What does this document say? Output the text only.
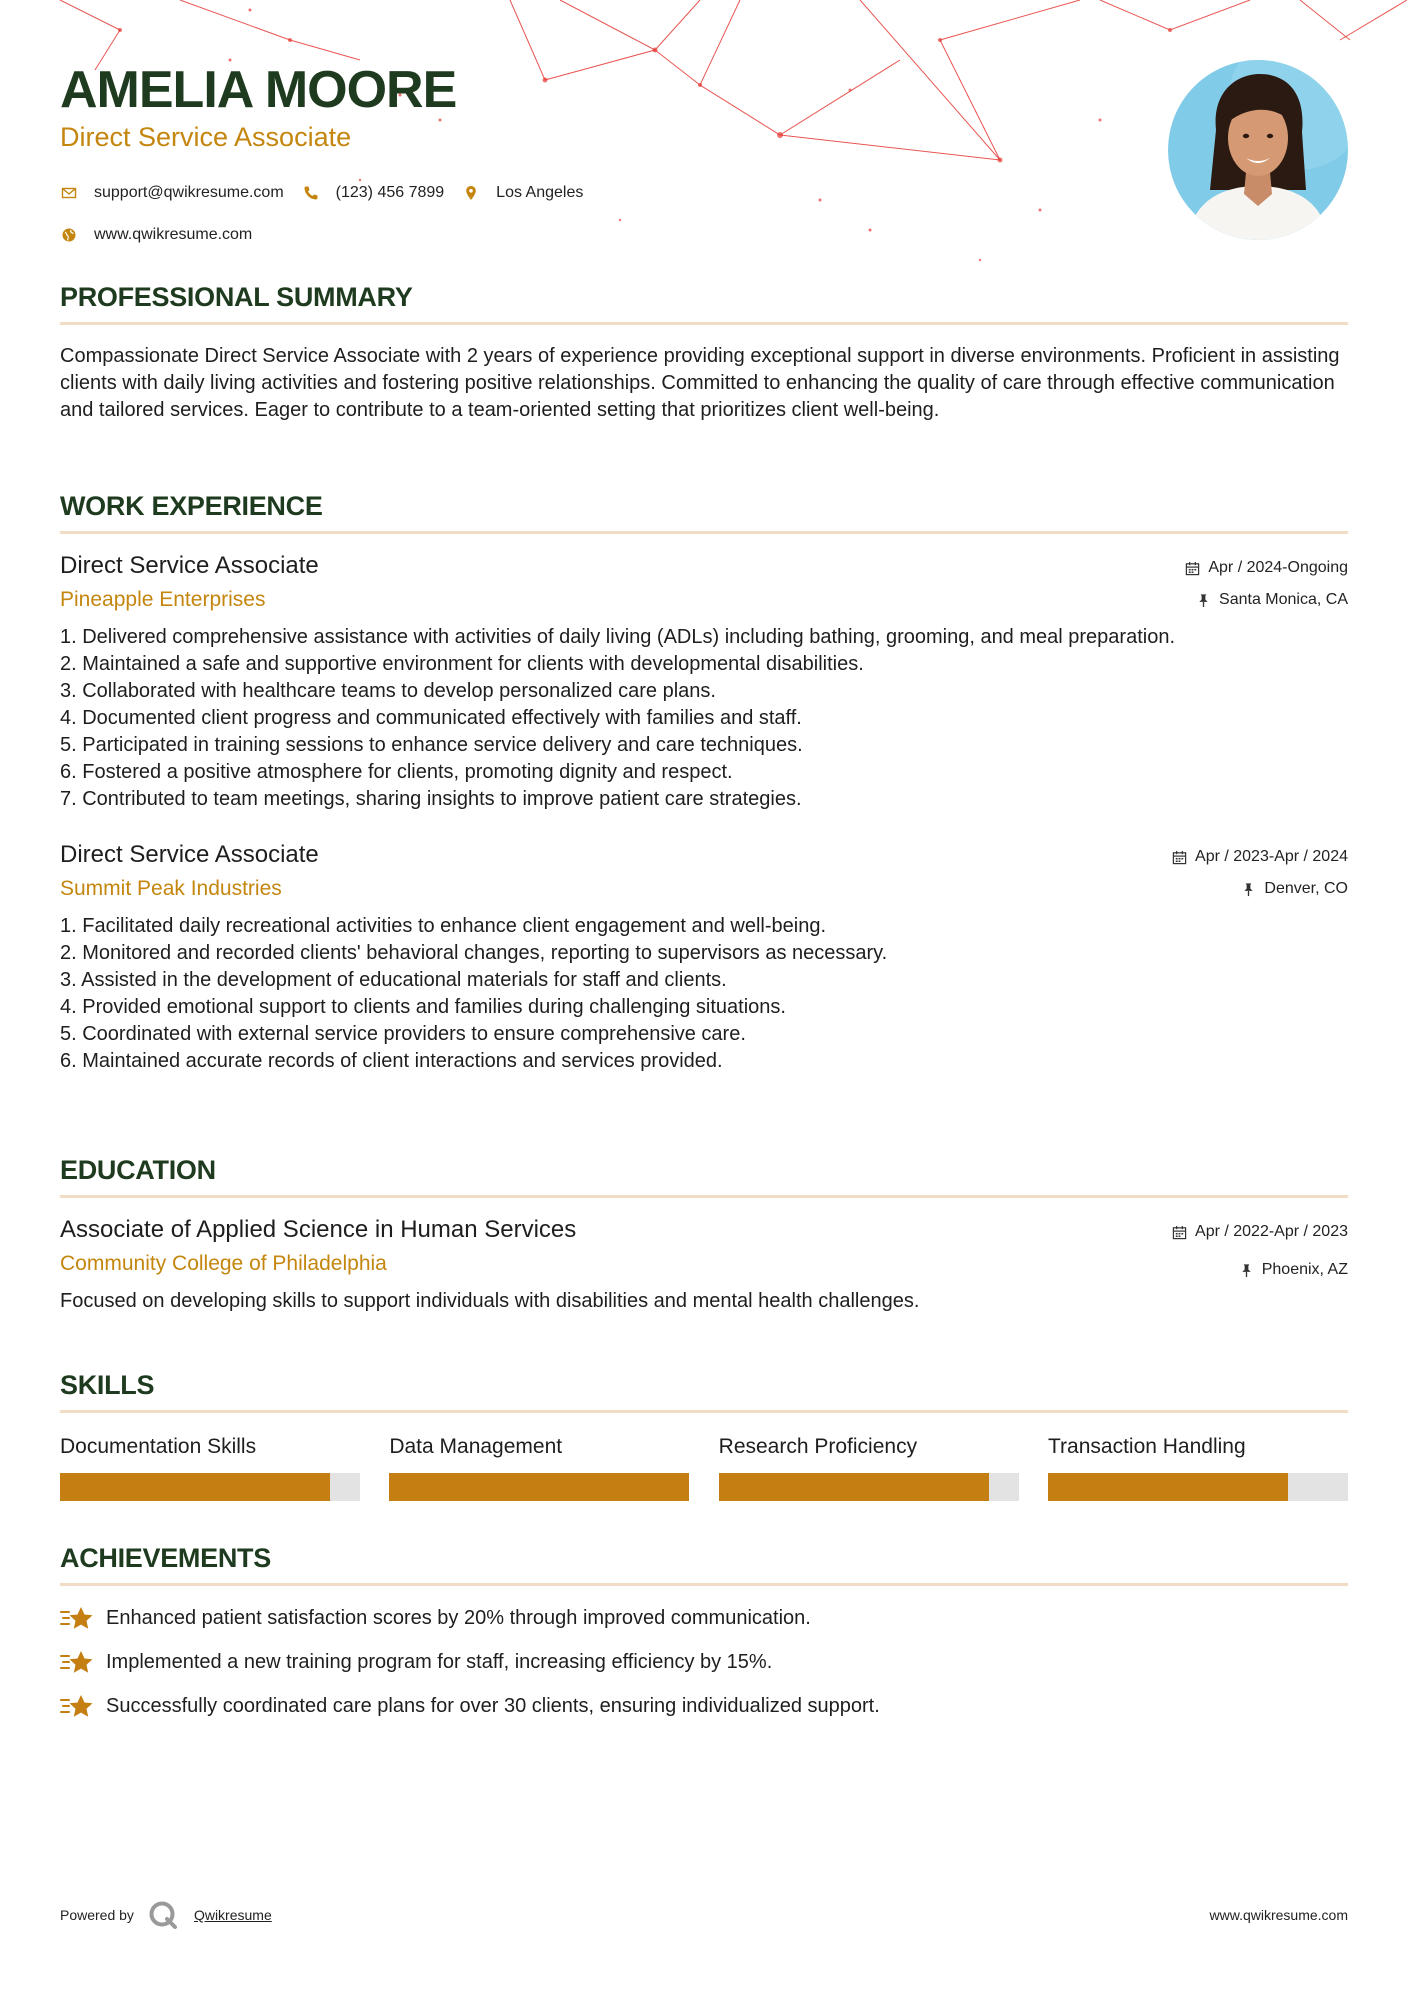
AMELIA MOORE
Direct Service Associate
support@qwikresume.com	(123) 456 7899	Los Angeles
www.qwikresume.com
PROFESSIONAL SUMMARY
Compassionate Direct Service Associate with 2 years of experience providing exceptional support in diverse environments. Proficient in assisting clients with daily living activities and fostering positive relationships. Committed to enhancing the quality of care through effective communication and tailored services. Eager to contribute to a team-oriented setting that prioritizes client well-being.
WORK EXPERIENCE
Direct Service Associate
Pineapple Enterprises
Apr / 2024-Ongoing
Santa Monica, CA
1. Delivered comprehensive assistance with activities of daily living (ADLs) including bathing, grooming, and meal preparation.
2. Maintained a safe and supportive environment for clients with developmental disabilities.
3. Collaborated with healthcare teams to develop personalized care plans.
4. Documented client progress and communicated effectively with families and staff.
5. Participated in training sessions to enhance service delivery and care techniques.
6. Fostered a positive atmosphere for clients, promoting dignity and respect.
7. Contributed to team meetings, sharing insights to improve patient care strategies.
Direct Service Associate
Summit Peak Industries
Apr / 2023-Apr / 2024
Denver, CO
1. Facilitated daily recreational activities to enhance client engagement and well-being.
2. Monitored and recorded clients' behavioral changes, reporting to supervisors as necessary.
3. Assisted in the development of educational materials for staff and clients.
4. Provided emotional support to clients and families during challenging situations.
5. Coordinated with external service providers to ensure comprehensive care.
6. Maintained accurate records of client interactions and services provided.
EDUCATION
Associate of Applied Science in Human Services
Community College of Philadelphia
Apr / 2022-Apr / 2023
Phoenix, AZ
Focused on developing skills to support individuals with disabilities and mental health challenges.
SKILLS
Documentation Skills	Data Management	Research Proficiency	Transaction Handling
ACHIEVEMENTS
Enhanced patient satisfaction scores by 20% through improved communication.
Implemented a new training program for staff, increasing efficiency by 15%.
Successfully coordinated care plans for over 30 clients, ensuring individualized support.
Powered by	Qwikresume	www.qwikresume.com
